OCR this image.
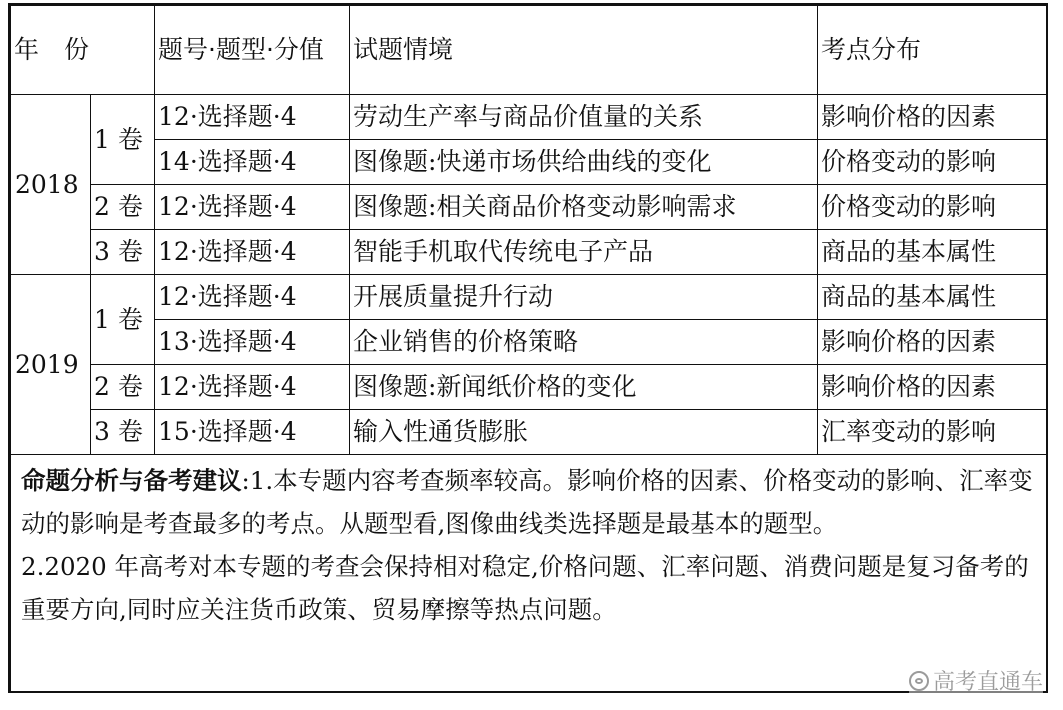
年　份		题号·题型·分值	试题情境	考点分布
2018	1 卷	12·选择题·4	劳动生产率与商品价值量的关系	影响价格的因素
		14·选择题·4	图像题:快递市场供给曲线的变化	价格变动的影响
	2 卷	12·选择题·4	图像题:相关商品价格变动影响需求	价格变动的影响
	3 卷	12·选择题·4	智能手机取代传统电子产品	商品的基本属性
2019	1 卷	12·选择题·4	开展质量提升行动	商品的基本属性
		13·选择题·4	企业销售的价格策略	影响价格的因素
	2 卷	12·选择题·4	图像题:新闻纸价格的变化	影响价格的因素
	3 卷	15·选择题·4	输入性通货膨胀	汇率变动的影响
命题分析与备考建议:1.本专题内容考查频率较高。影响价格的因素、价格变动的影响、汇率变动的影响是考查最多的考点。从题型看,图像曲线类选择题是最基本的题型。
2.2020 年高考对本专题的考查会保持相对稳定,价格问题、汇率问题、消费问题是复习备考的重要方向,同时应关注货币政策、贸易摩擦等热点问题。				
高考直通车
